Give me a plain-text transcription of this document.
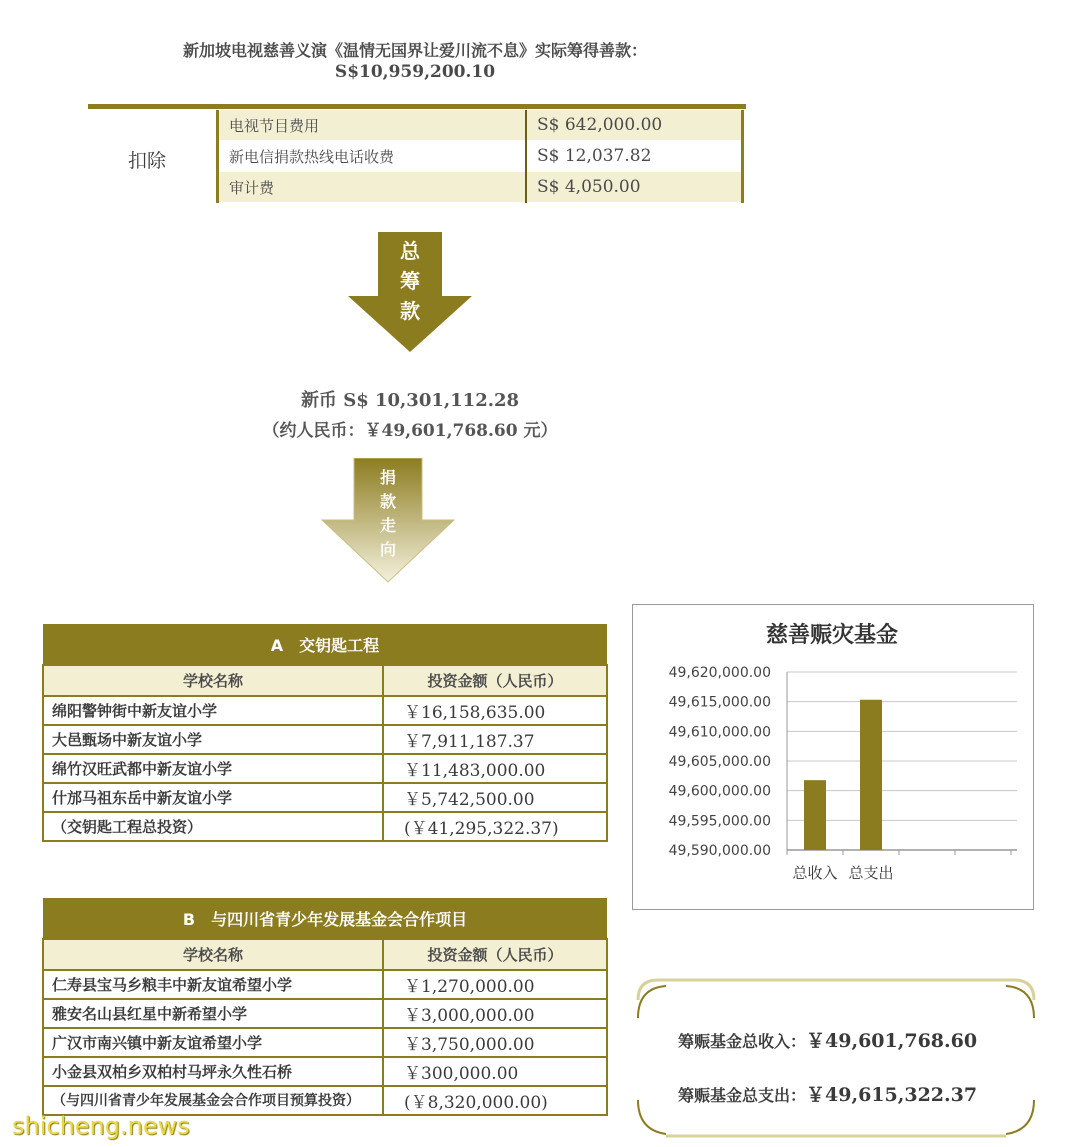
新加坡电视慈善义演《温情无国界让爱川流不息》实际筹得善款：
S$10,959,200.10
扣除
电视节目费用	S$ 642,000.00
新电信捐款热线电话收费	S$ 12,037.82
审计费	S$ 4,050.00
总
筹
款
新币 S$ 10,301,112.28
（约人民币：￥49,601,768.60 元）
捐
款
走
向
A　交钥匙工程	
学校名称	投资金额（人民币）
绵阳警钟街中新友谊小学	￥16,158,635.00
大邑甄场中新友谊小学	￥7,911,187.37
绵竹汉旺武都中新友谊小学	￥11,483,000.00
什邡马祖东岳中新友谊小学	￥5,742,500.00
（交钥匙工程总投资）	(￥41,295,322.37)
B　与四川省青少年发展基金会合作项目	
学校名称	投资金额（人民币）
仁寿县宝马乡粮丰中新友谊希望小学	￥1,270,000.00
雅安名山县红星中新希望小学	￥3,000,000.00
广汉市南兴镇中新友谊希望小学	￥3,750,000.00
小金县双柏乡双柏村马坪永久性石桥	￥300,000.00
（与四川省青少年发展基金会合作项目预算投资）	(￥8,320,000.00)
慈善赈灾基金
49,590,000.00
49,595,000.00
49,600,000.00
49,605,000.00
49,610,000.00
49,615,000.00
49,620,000.00
总收入 总支出
筹赈基金总收入：￥49,601,768.60
筹赈基金总支出：￥49,615,322.37
shicheng.news
